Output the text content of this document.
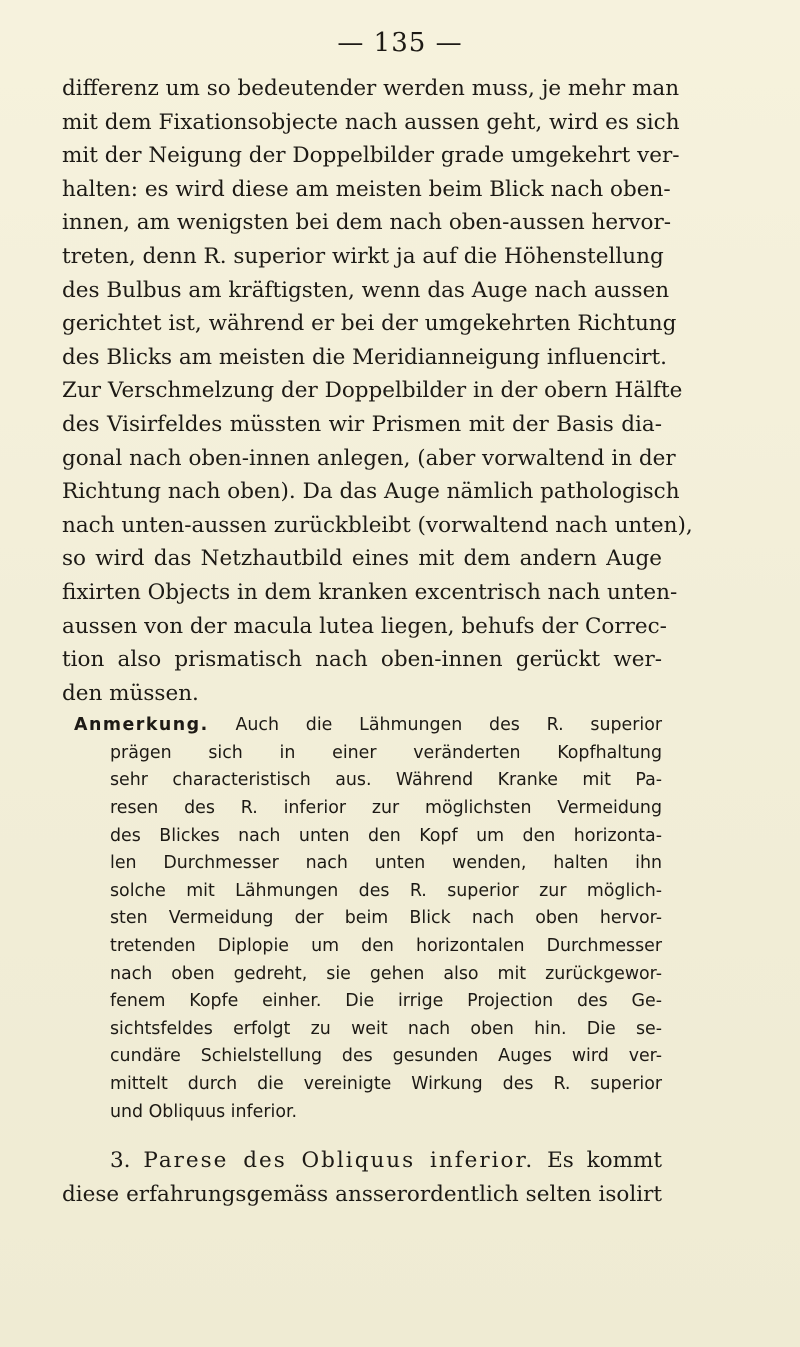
— 135 —
differenz um so bedeutender werden muss, je mehr man
mit dem Fixationsobjecte nach aussen geht, wird es sich
mit der Neigung der Doppelbilder grade umgekehrt ver-
halten: es wird diese am meisten beim Blick nach oben-
innen, am wenigsten bei dem nach oben-aussen hervor-
treten, denn R. superior wirkt ja auf die Höhenstellung
des Bulbus am kräftigsten, wenn das Auge nach aussen
gerichtet ist, während er bei der umgekehrten Richtung
des Blicks am meisten die Meridianneigung influencirt.
Zur Verschmelzung der Doppelbilder in der obern Hälfte
des Visirfeldes müssten wir Prismen mit der Basis dia-
gonal nach oben-innen anlegen, (aber vorwaltend in der
Richtung nach oben). Da das Auge nämlich pathologisch
nach unten-aussen zurückbleibt (vorwaltend nach unten),
so wird das Netzhautbild eines mit dem andern Auge
fixirten Objects in dem kranken excentrisch nach unten-
aussen von der macula lutea liegen, behufs der Correc-
tion also prismatisch nach oben-innen gerückt wer-
den müssen.
Anmerkung. Auch die Lähmungen des R. superior
prägen sich in einer veränderten Kopfhaltung
sehr characteristisch aus. Während Kranke mit Pa-
resen des R. inferior zur möglichsten Vermeidung
des Blickes nach unten den Kopf um den horizonta-
len Durchmesser nach unten wenden, halten ihn
solche mit Lähmungen des R. superior zur möglich-
sten Vermeidung der beim Blick nach oben hervor-
tretenden Diplopie um den horizontalen Durchmesser
nach oben gedreht, sie gehen also mit zurückgewor-
fenem Kopfe einher. Die irrige Projection des Ge-
sichtsfeldes erfolgt zu weit nach oben hin. Die se-
cundäre Schielstellung des gesunden Auges wird ver-
mittelt durch die vereinigte Wirkung des R. superior
und Obliquus inferior.
3. Parese des Obliquus inferior. Es kommt
diese erfahrungsgemäss ansserordentlich selten isolirt
